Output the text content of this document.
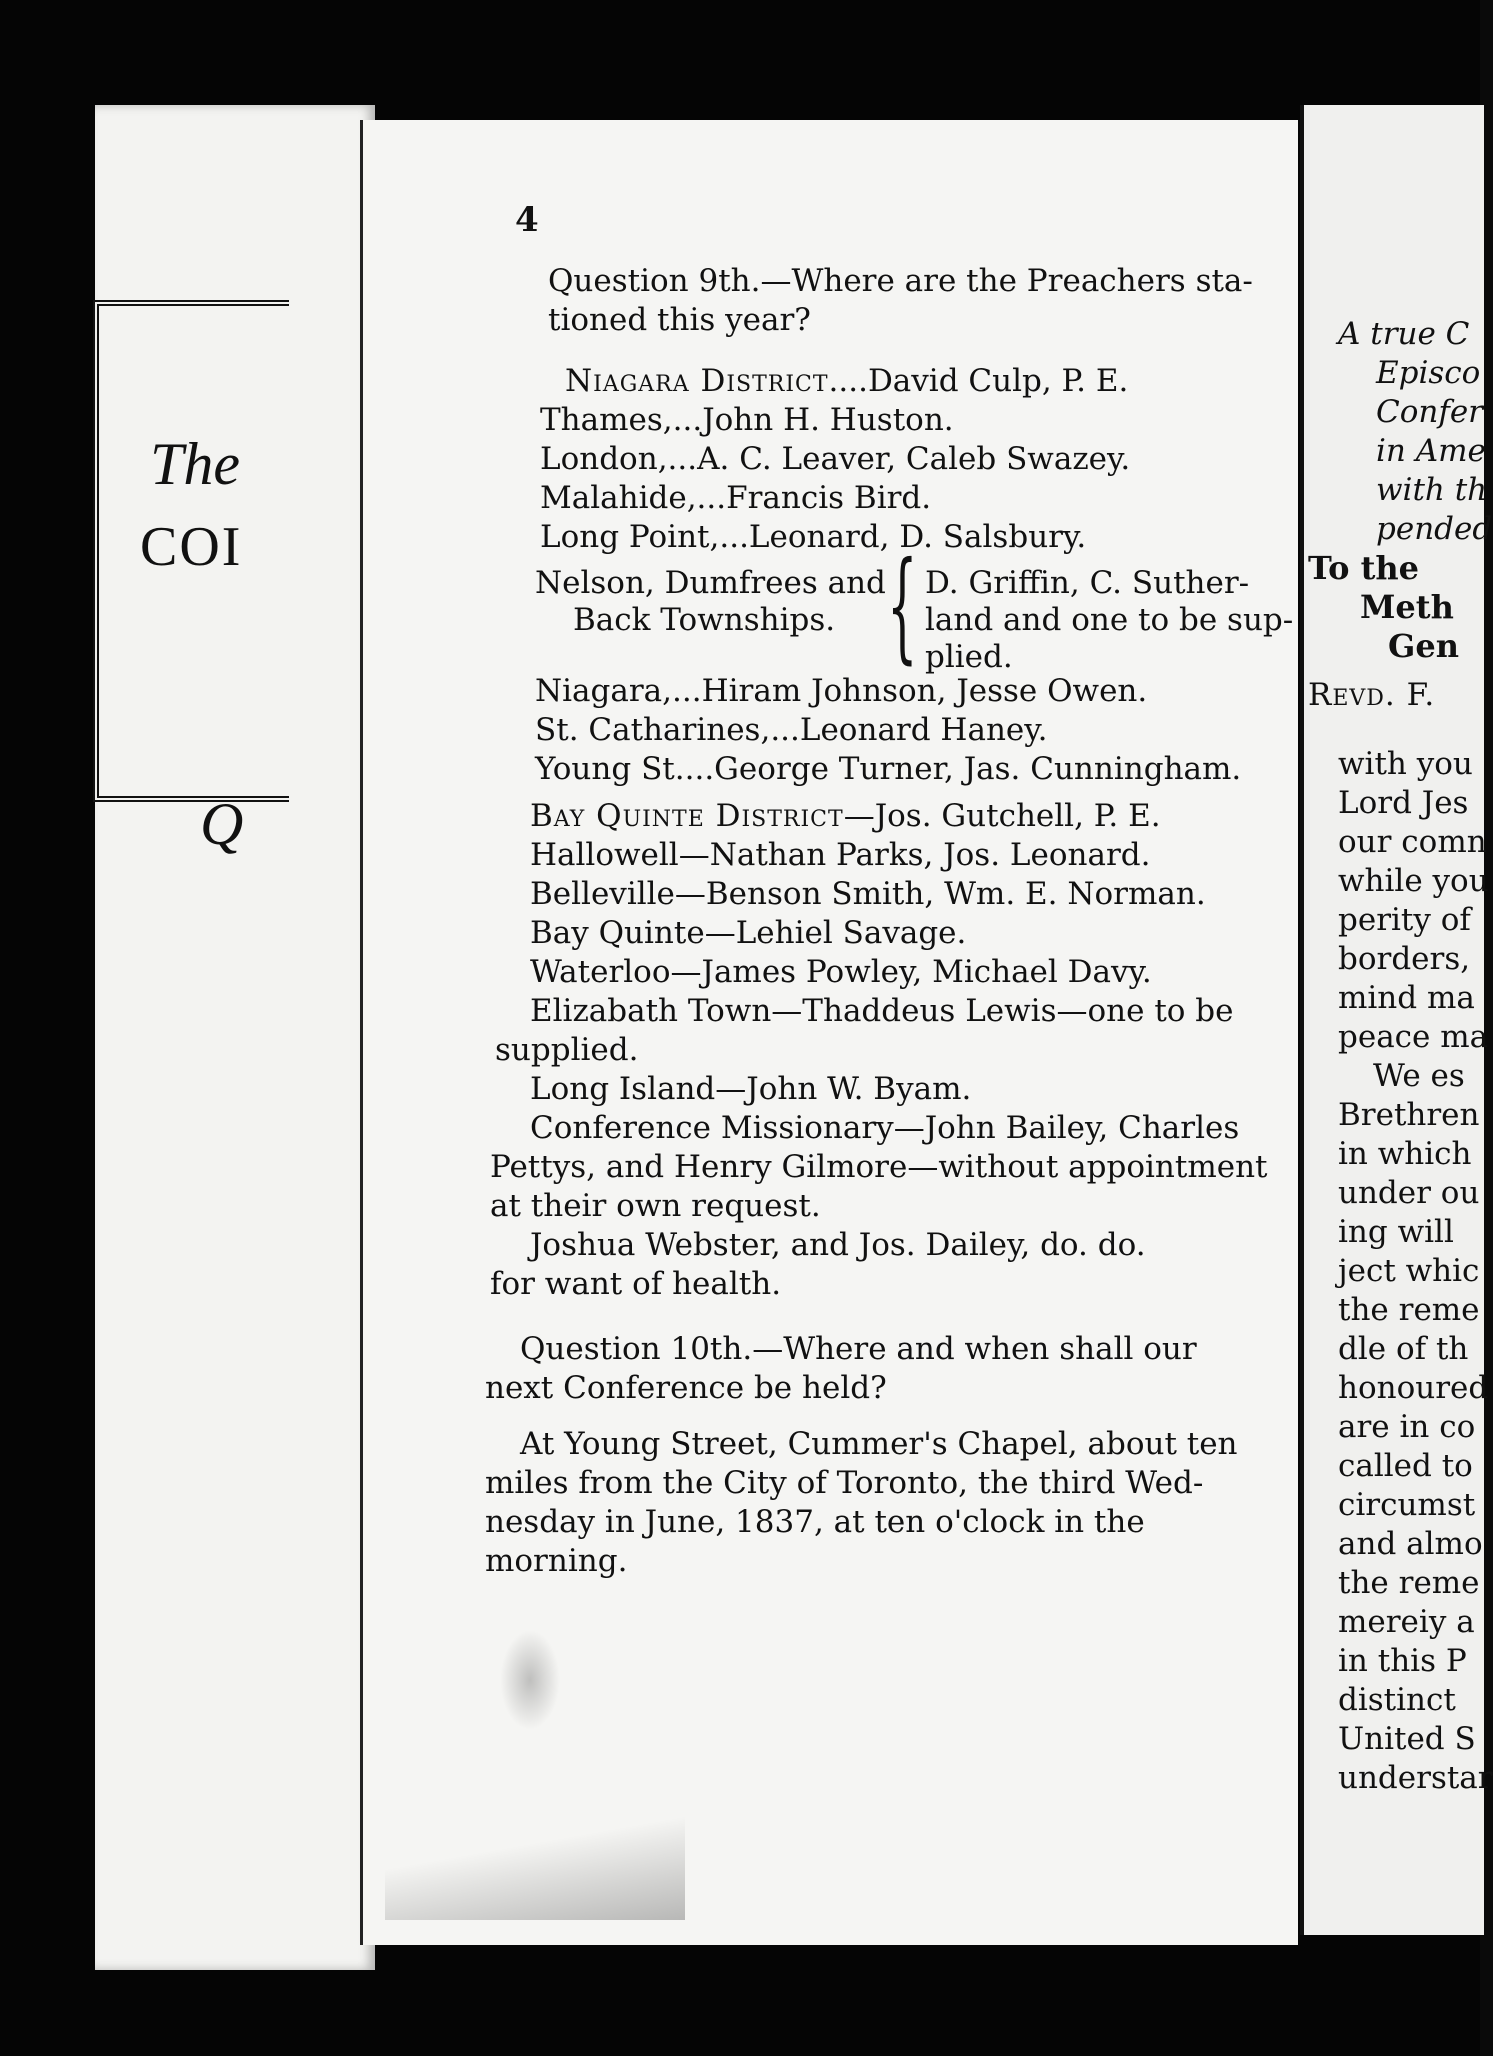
The
COI
Q
4
Question 9th.—Where are the Preachers sta-
tioned this year?
Niagara District....David Culp, P. E.
Thames,...John H. Huston.
London,...A. C. Leaver, Caleb Swazey.
Malahide,...Francis Bird.
Long Point,...Leonard, D. Salsbury.
Nelson, Dumfrees and
Back Townships. { D. Griffin, C. Suther-
land and one to be sup-
plied.
Niagara,...Hiram Johnson, Jesse Owen.
St. Catharines,...Leonard Haney.
Young St....George Turner, Jas. Cunningham.
Bay Quinte District—Jos. Gutchell, P. E.
Hallowell—Nathan Parks, Jos. Leonard.
Belleville—Benson Smith, Wm. E. Norman.
Bay Quinte—Lehiel Savage.
Waterloo—James Powley, Michael Davy.
Elizabath Town—Thaddeus Lewis—one to be
supplied.
Long Island—John W. Byam.
Conference Missionary—John Bailey, Charles
Pettys, and Henry Gilmore—without appointment
at their own request.
Joshua Webster, and Jos. Dailey, do. do.
for want of health.
Question 10th.—Where and when shall our
next Conference be held?
At Young Street, Cummer's Chapel, about ten
miles from the City of Toronto, the third Wed-
nesday in June, 1837, at ten o'clock in the
morning.
A true C
Episco
Confer
in Ame
with th
pended
To the
Meth
Gen
Revd. F.
with you
Lord Jes
our comn
while you
perity of
borders,
mind ma
peace ma
We es
Brethren
in which
under ou
ing will
ject whic
the reme
dle of th
honoured
are in co
called to
circumst
and almo
the reme
mereiy a
in this P
distinct
United S
understar
